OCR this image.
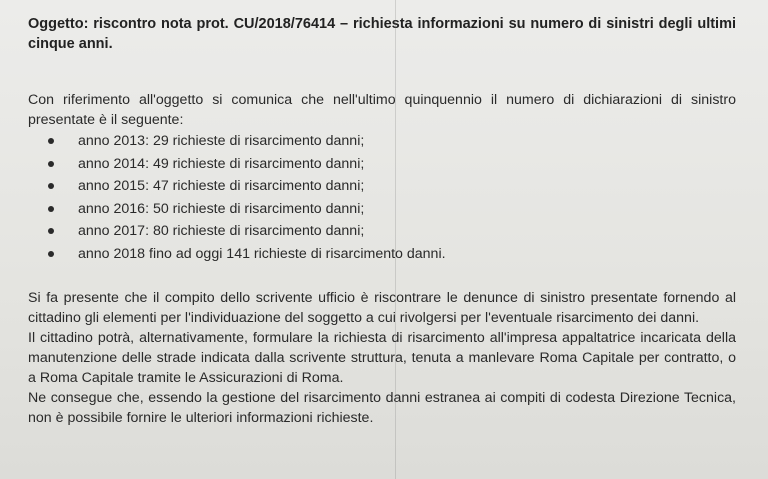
Oggetto: riscontro nota prot. CU/2018/76414 – richiesta informazioni su numero di sinistri degli ultimi cinque anni.

Con riferimento all'oggetto si comunica che nell'ultimo quinquennio il numero di dichiarazioni di sinistro presentate è il seguente:

anno 2013: 29 richieste di risarcimento danni;
anno 2014: 49 richieste di risarcimento danni;
anno 2015: 47 richieste di risarcimento danni;
anno 2016: 50 richieste di risarcimento danni;
anno 2017: 80 richieste di risarcimento danni;
anno 2018 fino ad oggi 141 richieste di risarcimento danni.

Si fa presente che il compito dello scrivente ufficio è riscontrare le denunce di sinistro presentate fornendo al cittadino gli elementi per l'individuazione del soggetto a cui rivolgersi per l'eventuale risarcimento dei danni.

Il cittadino potrà, alternativamente, formulare la richiesta di risarcimento all'impresa appaltatrice incaricata della manutenzione delle strade indicata dalla scrivente struttura, tenuta a manlevare Roma Capitale per contratto, o a Roma Capitale tramite le Assicurazioni di Roma.

Ne consegue che, essendo la gestione del risarcimento danni estranea ai compiti di codesta Direzione Tecnica, non è possibile fornire le ulteriori informazioni richieste.
